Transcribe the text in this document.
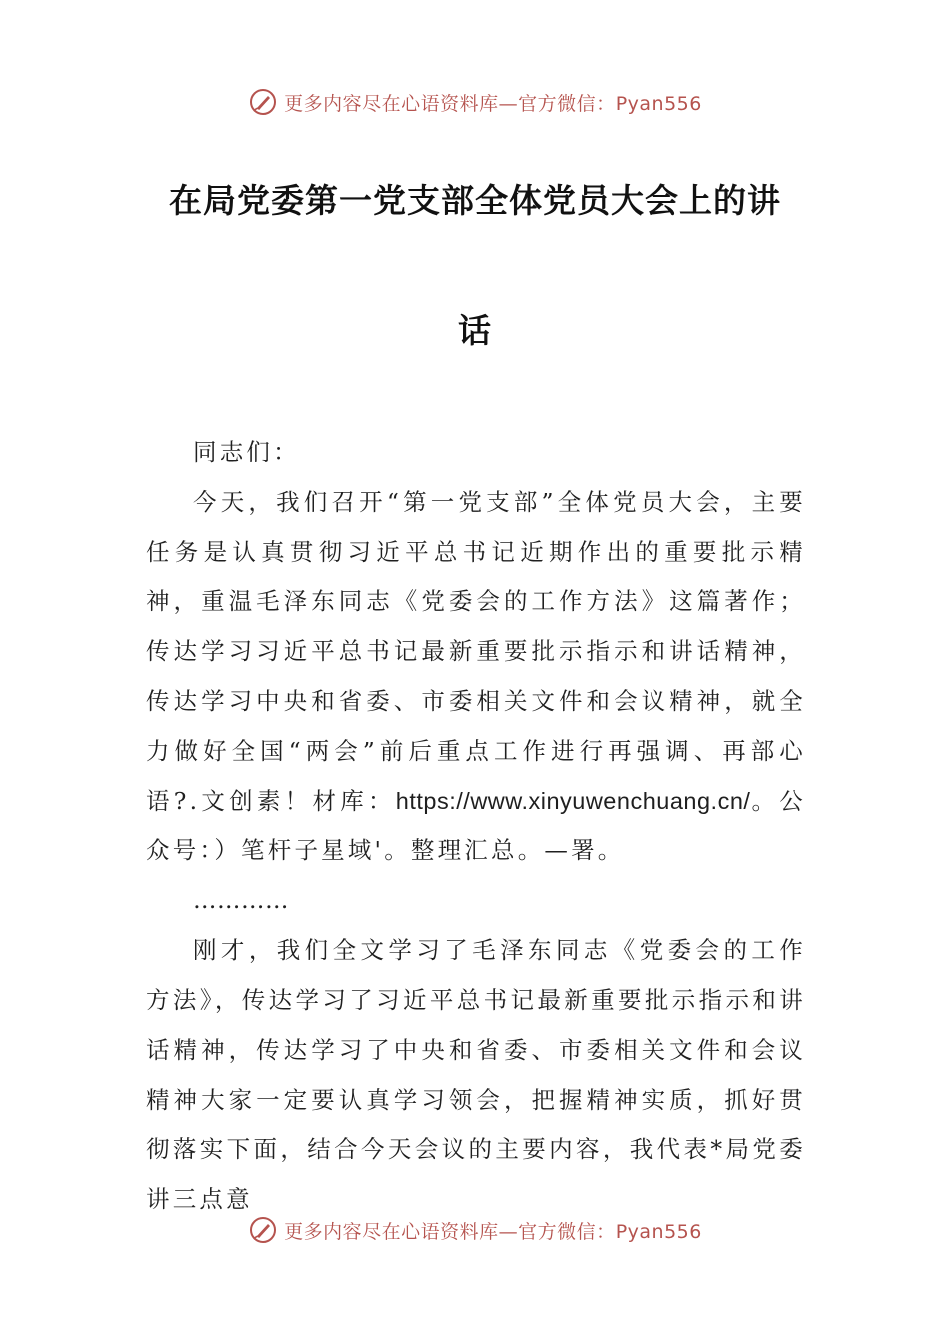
更多内容尽在心语资料库—官方微信：Pyan556
在局党委第一党支部全体党员大会上的讲
话

同志们：

今天，我们召开“第一党支部”全体党员大会，主要任务是认真贯彻习近平总书记近期作出的重要批示精神，重温毛泽东同志《党委会的工作方法》这篇著作；传达学习习近平总书记最新重要批示指示和讲话精神，传达学习中央和省委、市委相关文件和会议精神，就全力做好全国“两会”前后重点工作进行再强调、再部心语?.文创素！材库：https://www.xinyuwenchuang.cn/。公众号：）笔杆子星域'。整理汇总。—署。

…………

刚才，我们全文学习了毛泽东同志《党委会的工作方法》，传达学习了习近平总书记最新重要批示指示和讲话精神，传达学习了中央和省委、市委相关文件和会议精神大家一定要认真学习领会，把握精神实质，抓好贯彻落实下面，结合今天会议的主要内容，我代表*局党委讲三点意

更多内容尽在心语资料库—官方微信：Pyan556
